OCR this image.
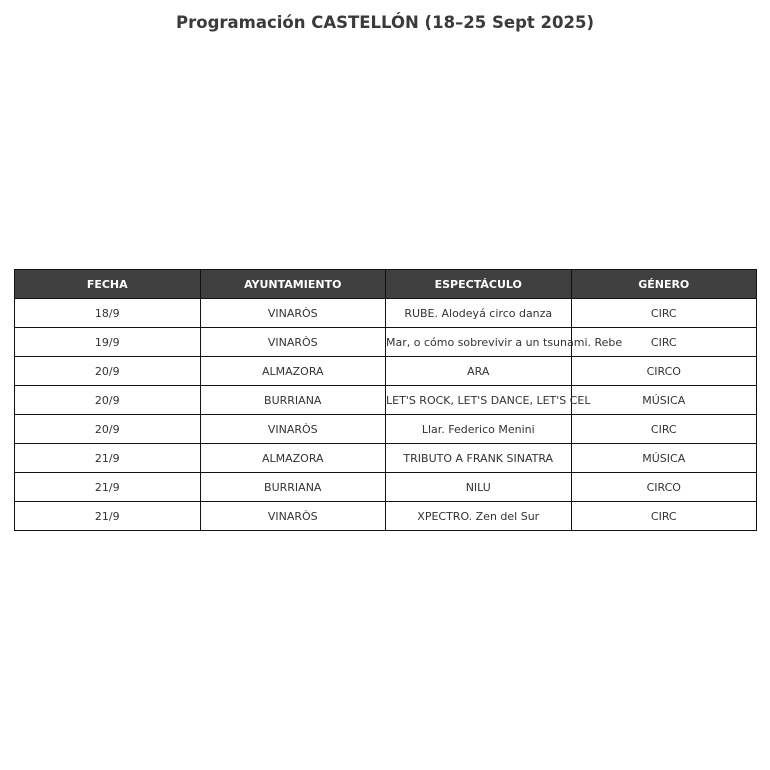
Programación CASTELLÓN (18–25 Sept 2025)
FECHA	AYUNTAMIENTO	ESPECTÁCULO	GÉNERO
18/9	VINARÒS	RUBE. Alodeyá circo danza	CIRC
19/9	VINARÒS	Mar, o cómo sobrevivir a un tsunami. Rebe	CIRC
20/9	ALMAZORA	ARA	CIRCO
20/9	BURRIANA	LET'S ROCK, LET'S DANCE, LET'S CEL	MÚSICA
20/9	VINARÒS	Llar. Federico Menini	CIRC
21/9	ALMAZORA	TRIBUTO A FRANK SINATRA	MÚSICA
21/9	BURRIANA	NILU	CIRCO
21/9	VINARÒS	XPECTRO. Zen del Sur	CIRC
